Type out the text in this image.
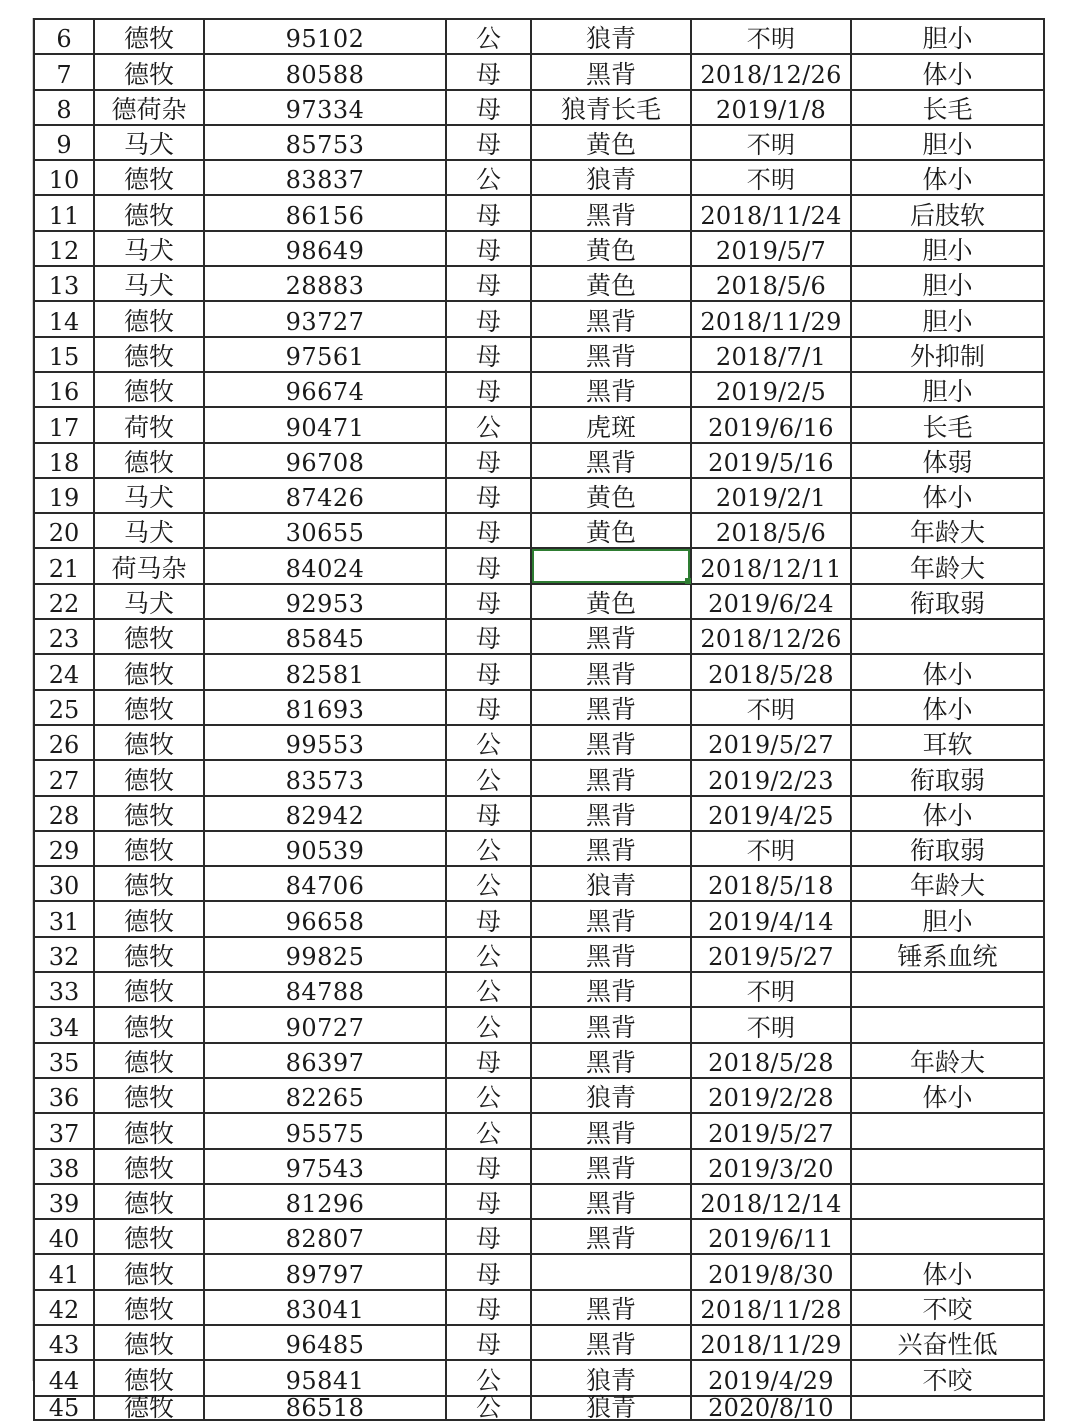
6	德牧	95102	公	狼青	不明	胆小
7	德牧	80588	母	黑背	2018/12/26	体小
8	德荷杂	97334	母	狼青长毛	2019/1/8	长毛
9	马犬	85753	母	黄色	不明	胆小
10	德牧	83837	公	狼青	不明	体小
11	德牧	86156	母	黑背	2018/11/24	后肢软
12	马犬	98649	母	黄色	2019/5/7	胆小
13	马犬	28883	母	黄色	2018/5/6	胆小
14	德牧	93727	母	黑背	2018/11/29	胆小
15	德牧	97561	母	黑背	2018/7/1	外抑制
16	德牧	96674	母	黑背	2019/2/5	胆小
17	荷牧	90471	公	虎斑	2019/6/16	长毛
18	德牧	96708	母	黑背	2019/5/16	体弱
19	马犬	87426	母	黄色	2019/2/1	体小
20	马犬	30655	母	黄色	2018/5/6	年龄大
21	荷马杂	84024	母		2018/12/11	年龄大
22	马犬	92953	母	黄色	2019/6/24	衔取弱
23	德牧	85845	母	黑背	2018/12/26	
24	德牧	82581	母	黑背	2018/5/28	体小
25	德牧	81693	母	黑背	不明	体小
26	德牧	99553	公	黑背	2019/5/27	耳软
27	德牧	83573	公	黑背	2019/2/23	衔取弱
28	德牧	82942	母	黑背	2019/4/25	体小
29	德牧	90539	公	黑背	不明	衔取弱
30	德牧	84706	公	狼青	2018/5/18	年龄大
31	德牧	96658	母	黑背	2019/4/14	胆小
32	德牧	99825	公	黑背	2019/5/27	锤系血统
33	德牧	84788	公	黑背	不明	
34	德牧	90727	公	黑背	不明	
35	德牧	86397	母	黑背	2018/5/28	年龄大
36	德牧	82265	公	狼青	2019/2/28	体小
37	德牧	95575	公	黑背	2019/5/27	
38	德牧	97543	母	黑背	2019/3/20	
39	德牧	81296	母	黑背	2018/12/14	
40	德牧	82807	母	黑背	2019/6/11	
41	德牧	89797	母		2019/8/30	体小
42	德牧	83041	母	黑背	2018/11/28	不咬
43	德牧	96485	母	黑背	2018/11/29	兴奋性低
44	德牧	95841	公	狼青	2019/4/29	不咬
45	德牧	86518	公	狼青	2020/8/10	
